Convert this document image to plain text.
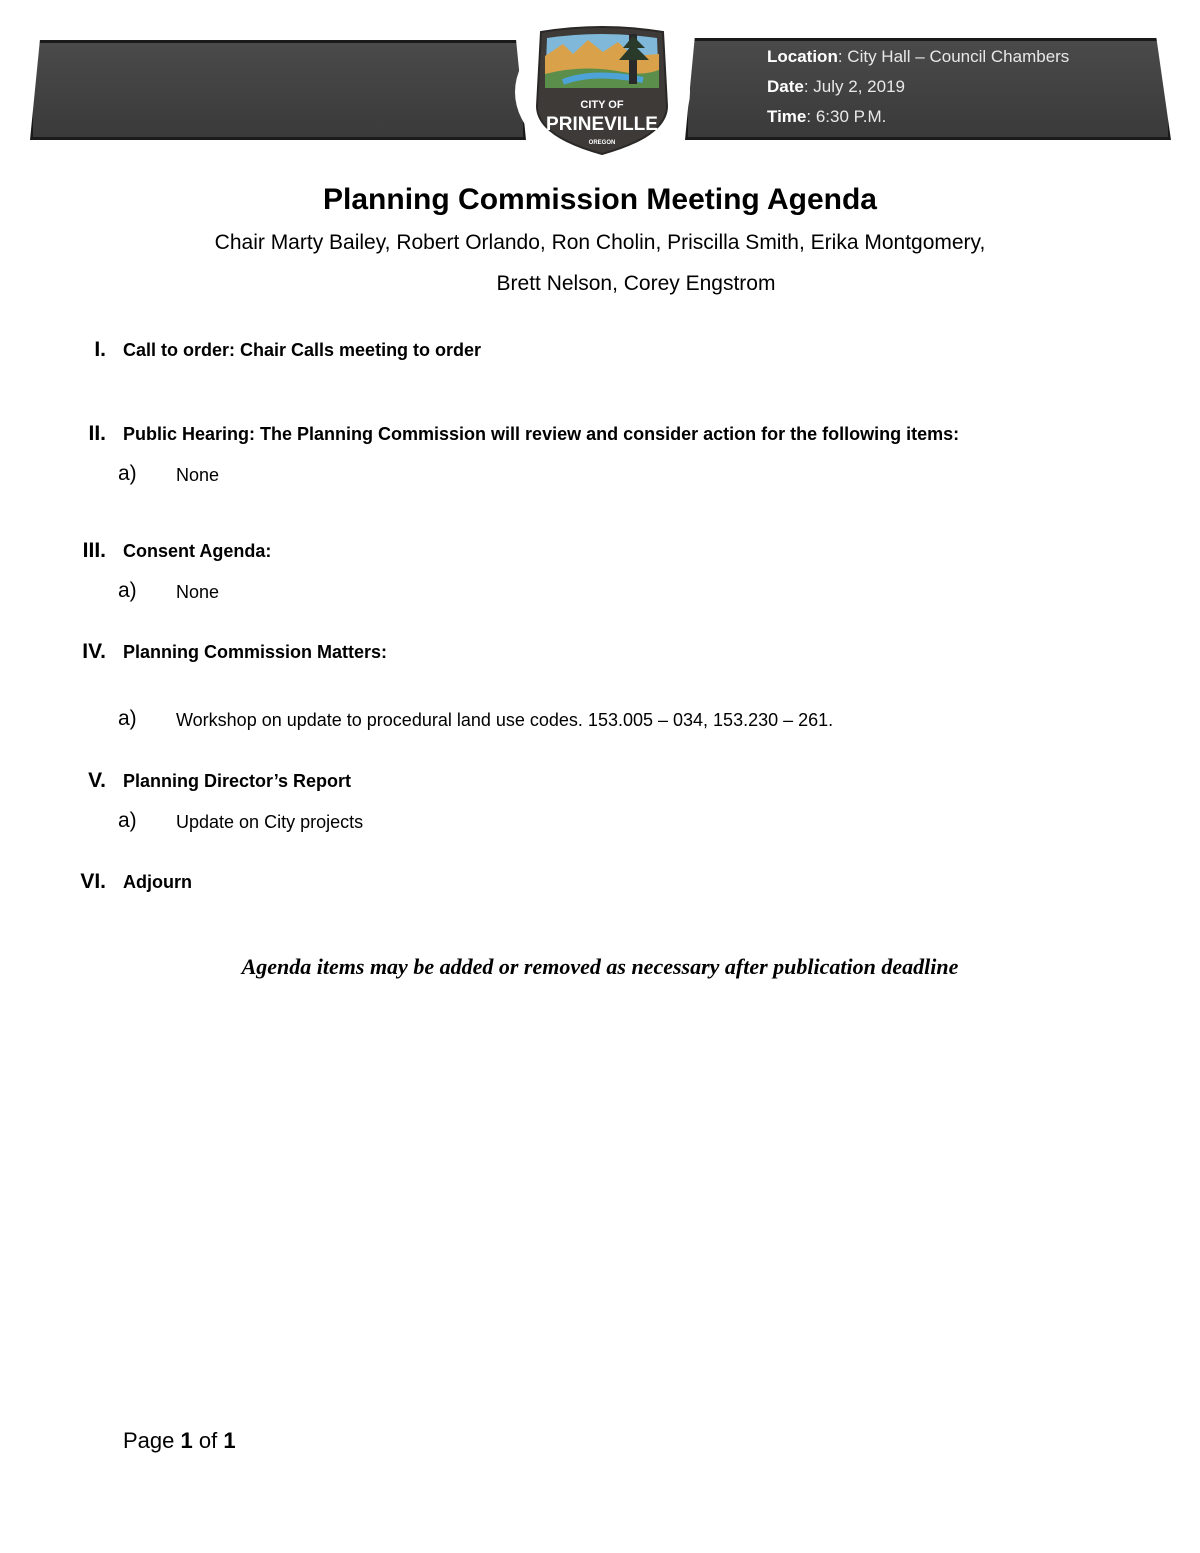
Location: City Hall – Council Chambers
Date: July 2, 2019
Time: 6:30 P.M.
CITY OF
PRINEVILLE
OREGON
Planning Commission Meeting Agenda
Chair Marty Bailey, Robert Orlando, Ron Cholin, Priscilla Smith, Erika Montgomery,
Brett Nelson, Corey Engstrom
I. Call to order: Chair Calls meeting to order
II. Public Hearing: The Planning Commission will review and consider action for the following items:
a) None
III. Consent Agenda:
a) None
IV. Planning Commission Matters:
a) Workshop on update to procedural land use codes. 153.005 – 034, 153.230 – 261.
V. Planning Director’s Report
a) Update on City projects
VI. Adjourn
Agenda items may be added or removed as necessary after publication deadline
Page 1 of 1
